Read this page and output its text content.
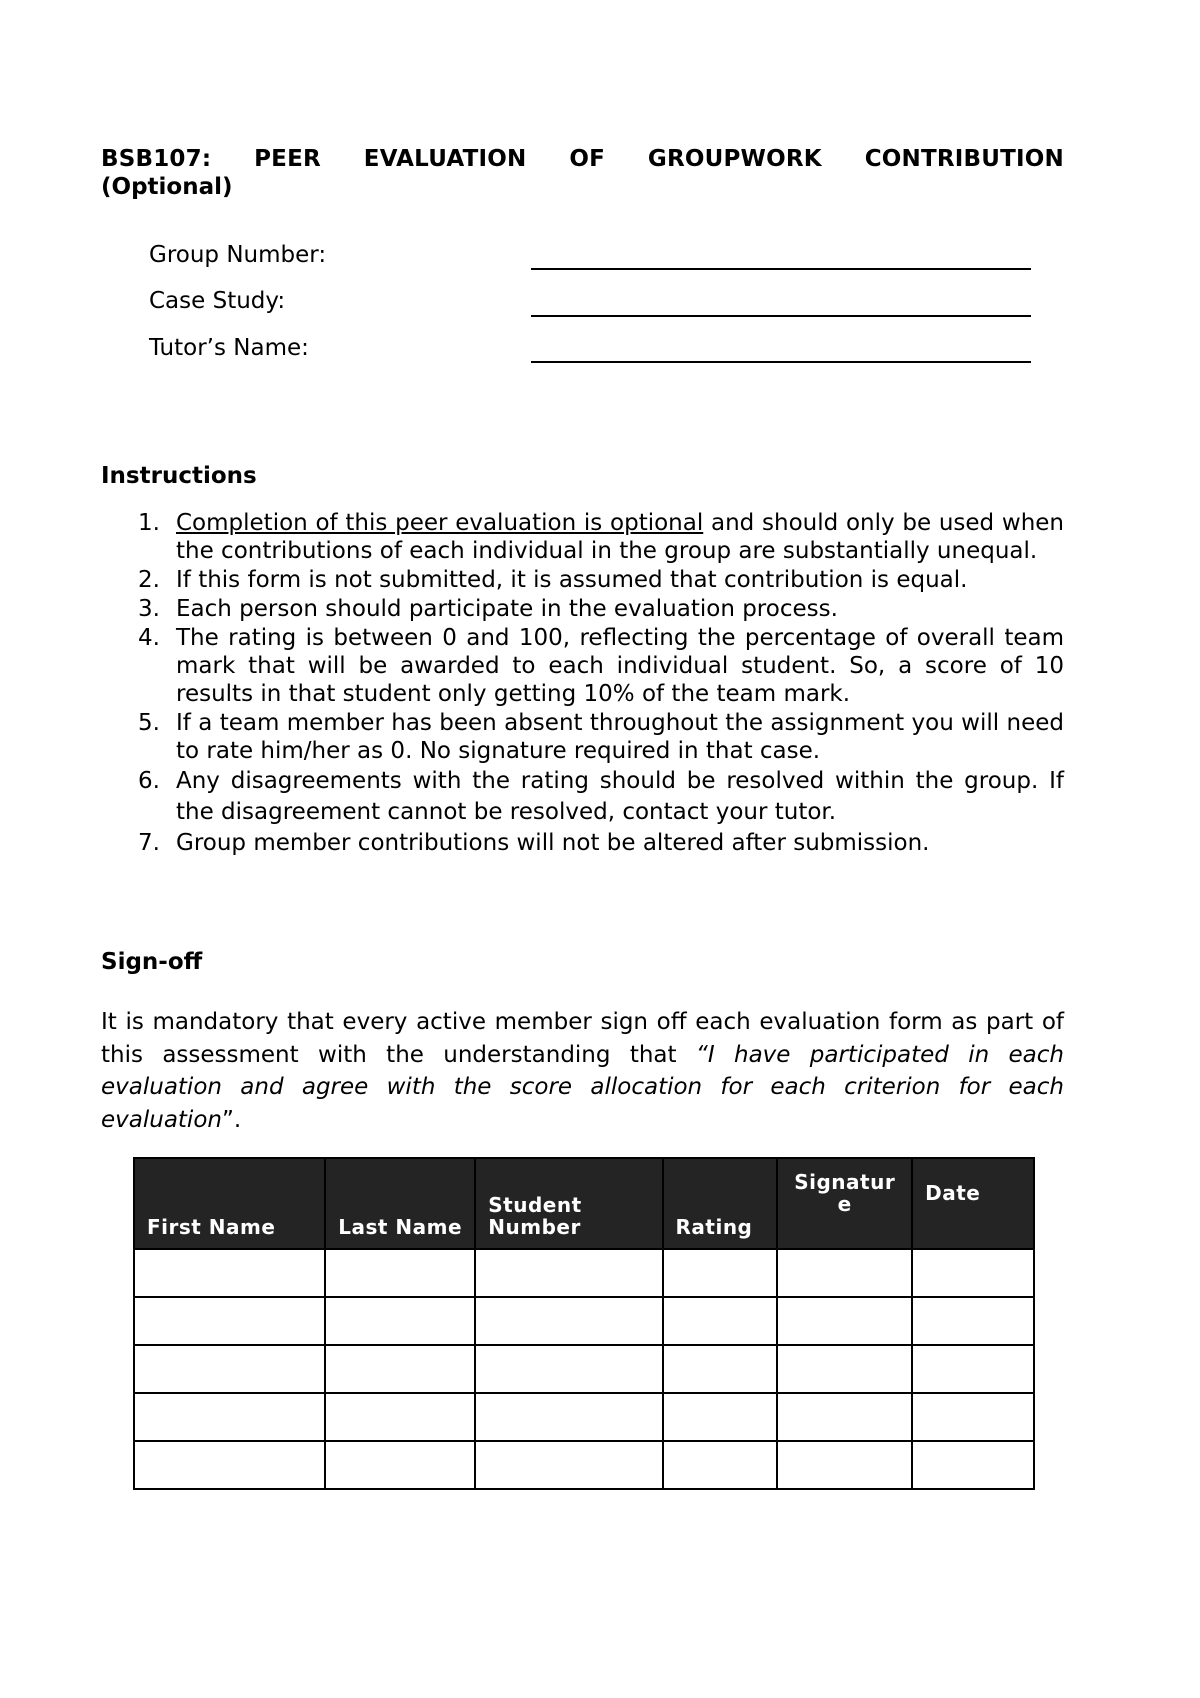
BSB107: PEER EVALUATION OF GROUPWORK CONTRIBUTION
(Optional)
Group Number:
Case Study:
Tutor’s Name:
Instructions
1. Completion of this peer evaluation is optional and should only be used when the contributions of each individual in the group are substantially unequal.
2. If this form is not submitted, it is assumed that contribution is equal.
3. Each person should participate in the evaluation process.
4. The rating is between 0 and 100, reflecting the percentage of overall team mark that will be awarded to each individual student. So, a score of 10 results in that student only getting 10% of the team mark.
5. If a team member has been absent throughout the assignment you will need to rate him/her as 0. No signature required in that case.
6. Any disagreements with the rating should be resolved within the group. If the disagreement cannot be resolved, contact your tutor.
7. Group member contributions will not be altered after submission.
Sign-off
It is mandatory that every active member sign off each evaluation form as part of this assessment with the understanding that “I have participated in each evaluation and agree with the score allocation for each criterion for each evaluation”.
First Name	Last Name	Student Number	Rating	Signature	Date
